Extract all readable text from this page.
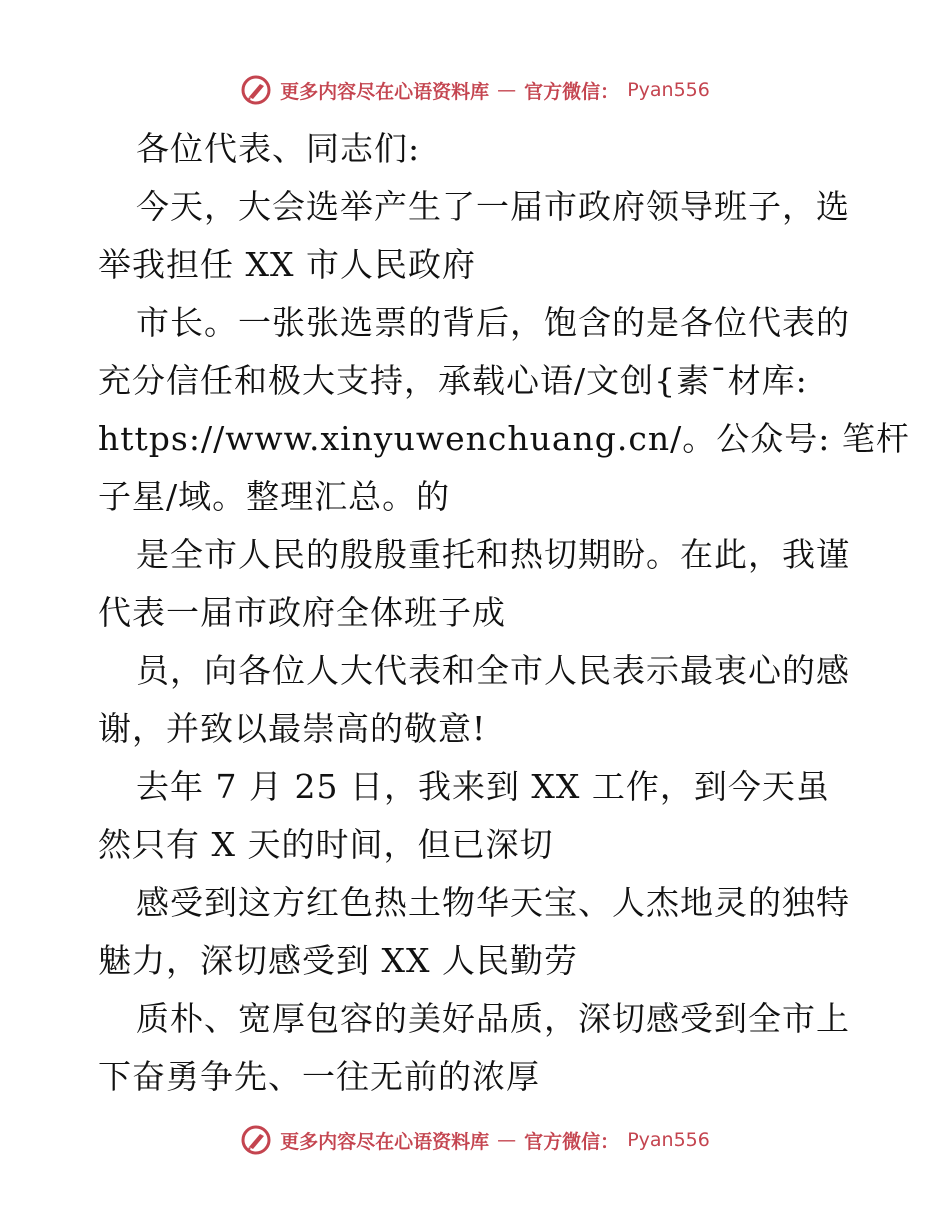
更多内容尽在心语资料库 — 官方微信： Pyan556
各位代表、同志们:
今天，大会选举产生了一届市政府领导班子，选
举我担任 XX 市人民政府
市长。一张张选票的背后，饱含的是各位代表的
充分信任和极大支持，承载心语/文创{素¯材库:
https://www.xinyuwenchuang.cn/。公众号: 笔杆
子星/域。整理汇总。的
是全市人民的殷殷重托和热切期盼。在此，我谨
代表一届市政府全体班子成
员，向各位人大代表和全市人民表示最衷心的感
谢，并致以最崇高的敬意!
去年 7 月 25 日，我来到 XX 工作，到今天虽
然只有 X 天的时间，但已深切
感受到这方红色热土物华天宝、人杰地灵的独特
魅力，深切感受到 XX 人民勤劳
质朴、宽厚包容的美好品质，深切感受到全市上
下奋勇争先、一往无前的浓厚
更多内容尽在心语资料库 — 官方微信： Pyan556
